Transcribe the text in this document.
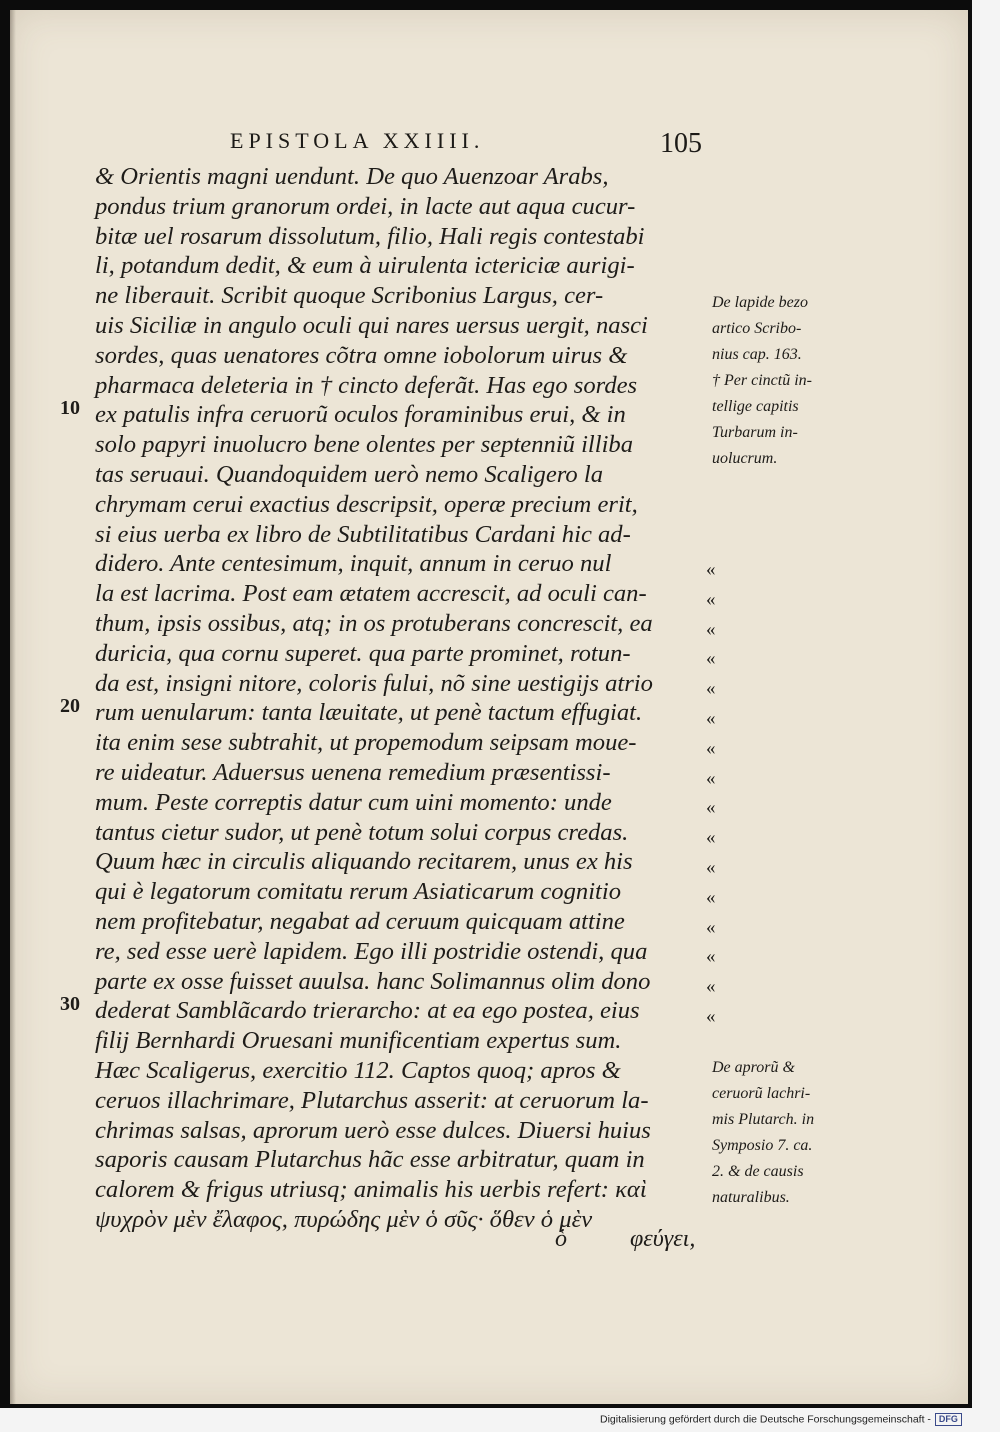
EPISTOLA XXIIII.	105
& Orientis magni uendunt. De quo Auenzoar Arabs,
pondus trium granorum ordei, in lacte aut aqua cucur-
bitæ uel rosarum dissolutum, filio, Hali regis contestabi
li, potandum dedit, & eum à uirulenta ictericiæ aurigi-
ne liberauit. Scribit quoque Scribonius Largus, cer-
uis Siciliæ in angulo oculi qui nares uersus uergit, nasci
sordes, quas uenatores cõtra omne iobolorum uirus &
pharmaca deleteria in † cincto deferãt. Has ego sordes
ex patulis infra ceruorũ oculos foraminibus erui, & in
solo papyri inuolucro bene olentes per septenniũ illiba
tas seruaui. Quandoquidem uerò nemo Scaligero la
chrymam cerui exactius descripsit, operæ precium erit,
si eius uerba ex libro de Subtilitatibus Cardani hic ad-
didero. Ante centesimum, inquit, annum in ceruo nul
la est lacrima. Post eam ætatem accrescit, ad oculi can-
thum, ipsis ossibus, atq; in os protuberans concrescit, ea
duricia, qua cornu superet. qua parte prominet, rotun-
da est, insigni nitore, coloris fului, nõ sine uestigijs atrio
rum uenularum: tanta læuitate, ut penè tactum effugiat.
ita enim sese subtrahit, ut propemodum seipsam moue-
re uideatur. Aduersus uenena remedium præsentissi-
mum. Peste correptis datur cum uini momento: unde
tantus cietur sudor, ut penè totum solui corpus credas.
Quum hæc in circulis aliquando recitarem, unus ex his
qui è legatorum comitatu rerum Asiaticarum cognitio
nem profitebatur, negabat ad ceruum quicquam attine
re, sed esse uerè lapidem. Ego illi postridie ostendi, qua
parte ex osse fuisset auulsa. hanc Solimannus olim dono
dederat Samblãcardo trierarcho: at ea ego postea, eius
filij Bernhardi Oruesani munificentiam expertus sum.
Hæc Scaligerus, exercitio 112. Captos quoq; apros &
ceruos illachrimare, Plutarchus asserit: at ceruorum la-
chrimas salsas, aprorum uerò esse dulces. Diuersi huius
saporis causam Plutarchus hãc esse arbitratur, quam in
calorem & frigus utriusq; animalis his uerbis refert: καὶ
ψυχρὸν μὲν ἔλαφος, πυρώδης μὲν ὁ σῦς· ὅθεν ὁ μὲν
10
20
30
«
«
«
«
«
«
«
«
«
«
«
«
«
«
«
«
De lapide bezo
artico Scribo-
nius cap. 163.
† Per cinctũ in-
tellige capitis
Turbarum in-
uolucrum.
De aprorũ &
ceruorũ lachri-
mis Plutarch. in
Symposio 7. ca.
2. & de causis
naturalibus.
ὁ	φεύγει,
Digitalisierung gefördert durch die Deutsche Forschungsgemeinschaft - DFG
